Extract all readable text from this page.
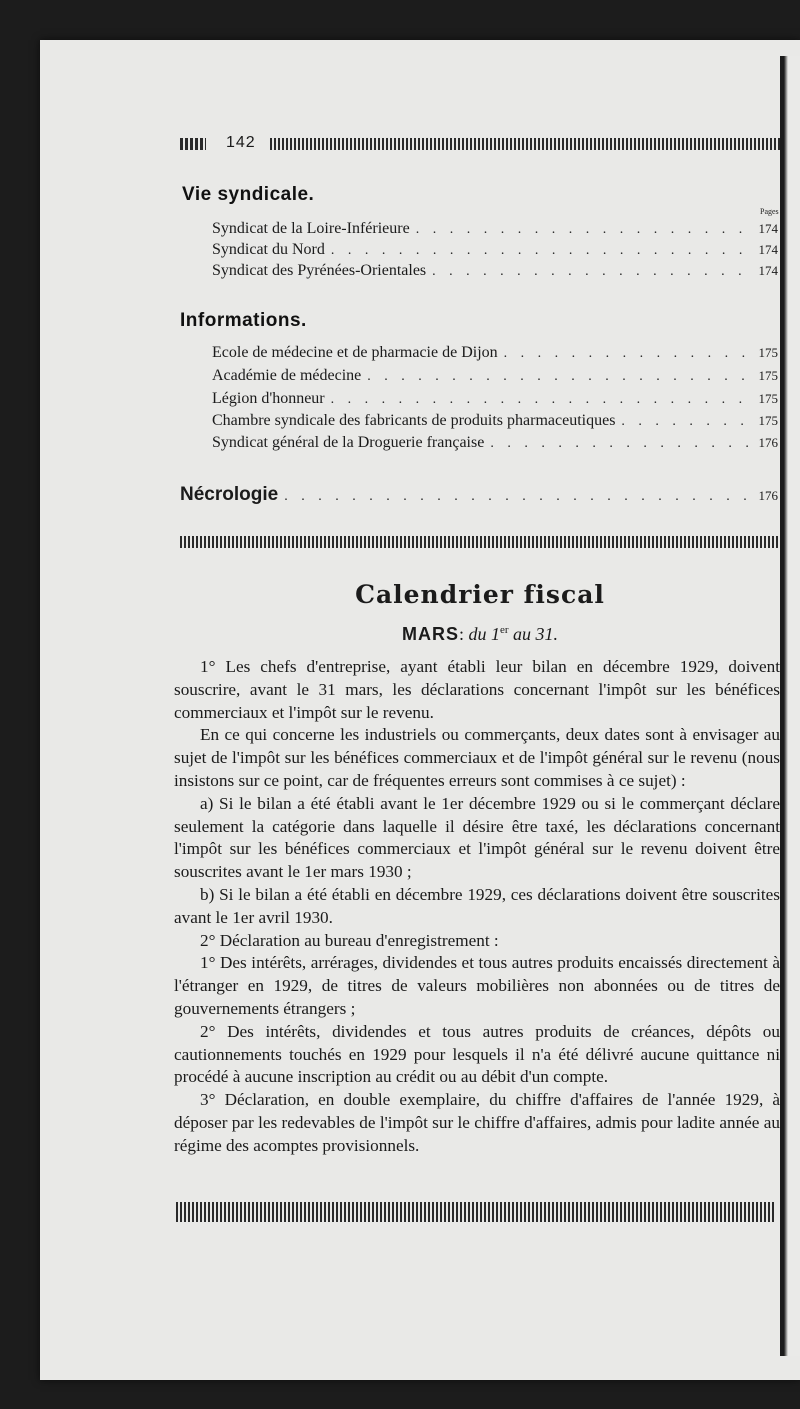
142
Vie syndicale.
Pages
Syndicat de la Loire-Inférieure . . .	174
Syndicat du Nord . . .	174
Syndicat des Pyrénées-Orientales . . .	174
Informations.
Ecole de médecine et de pharmacie de Dijon . . .	175
Académie de médecine . . .	175
Légion d'honneur . . .	175
Chambre syndicale des fabricants de produits pharmaceutiques . . .	175
Syndicat général de la Droguerie française . . .	176
Nécrologie . . .	176
Calendrier fiscal
MARS: du 1er au 31.

1° Les chefs d'entreprise, ayant établi leur bilan en décembre 1929, doivent souscrire, avant le 31 mars, les déclarations concernant l'impôt sur les bénéfices commerciaux et l'impôt sur le revenu.

En ce qui concerne les industriels ou commerçants, deux dates sont à envisager au sujet de l'impôt sur les bénéfices commerciaux et de l'impôt général sur le revenu (nous insistons sur ce point, car de fréquentes erreurs sont commises à ce sujet) :

a) Si le bilan a été établi avant le 1er décembre 1929 ou si le commerçant déclare seulement la catégorie dans laquelle il désire être taxé, les déclarations concernant l'impôt sur les bénéfices commerciaux et l'impôt général sur le revenu doivent être souscrites avant le 1er mars 1930 ;

b) Si le bilan a été établi en décembre 1929, ces déclarations doivent être souscrites avant le 1er avril 1930.

2° Déclaration au bureau d'enregistrement :

1° Des intérêts, arrérages, dividendes et tous autres produits encaissés directement à l'étranger en 1929, de titres de valeurs mobilières non abonnées ou de titres de gouvernements étrangers ;

2° Des intérêts, dividendes et tous autres produits de créances, dépôts ou cautionnements touchés en 1929 pour lesquels il n'a été délivré aucune quittance ni procédé à aucune inscription au crédit ou au débit d'un compte.

3° Déclaration, en double exemplaire, du chiffre d'affaires de l'année 1929, à déposer par les redevables de l'impôt sur le chiffre d'affaires, admis pour ladite année au régime des acomptes provisionnels.
